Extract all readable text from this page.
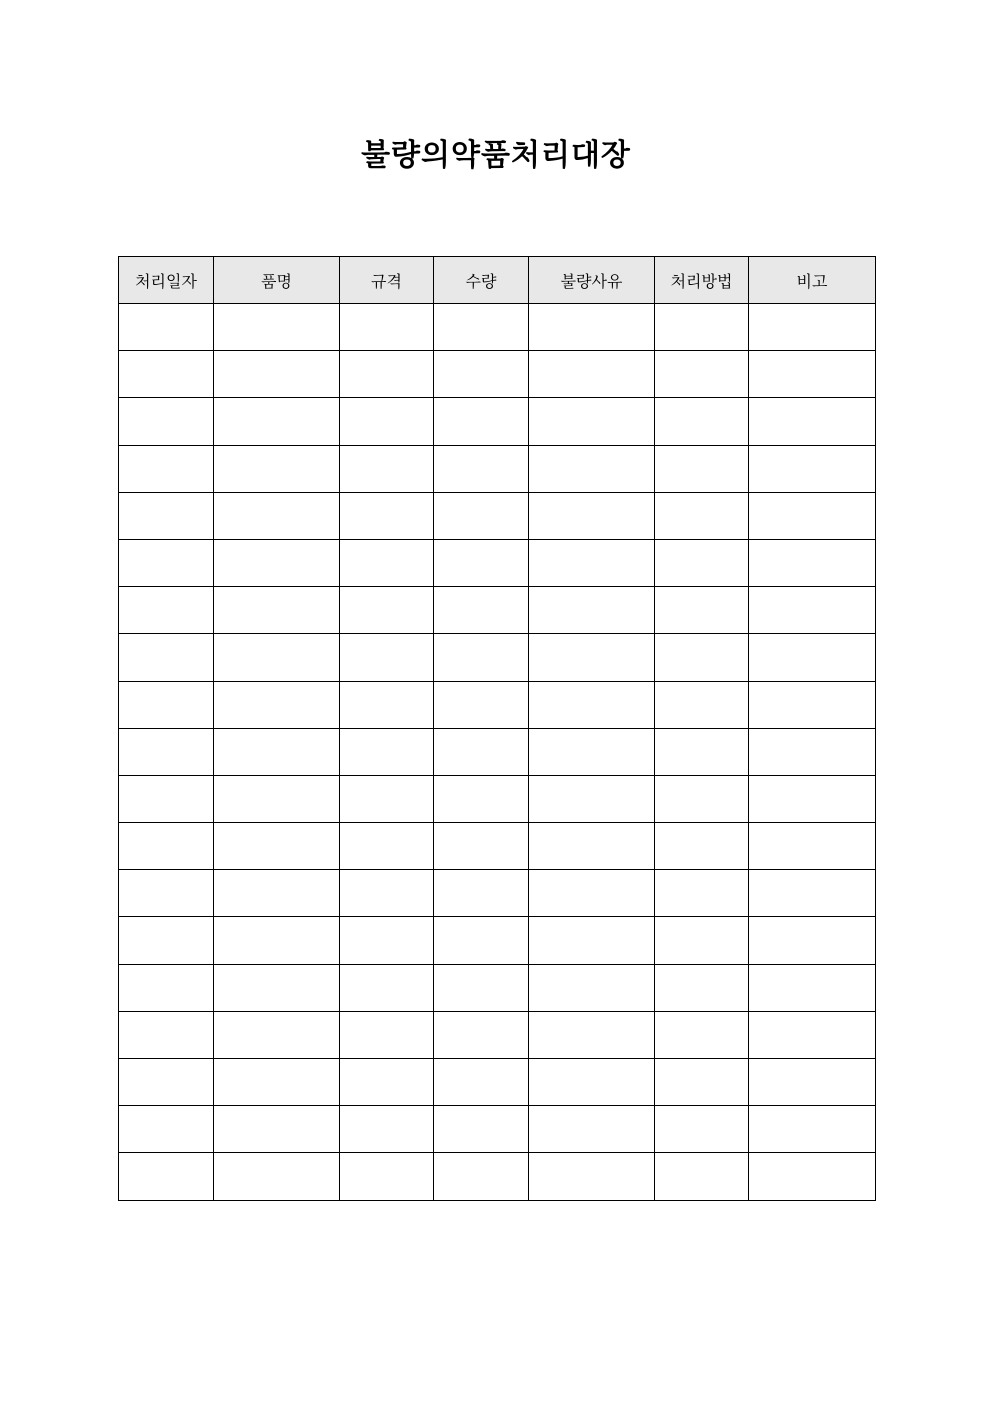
불량의약품처리대장
처리일자	품명	규격	수량	불량사유	처리방법	비고
